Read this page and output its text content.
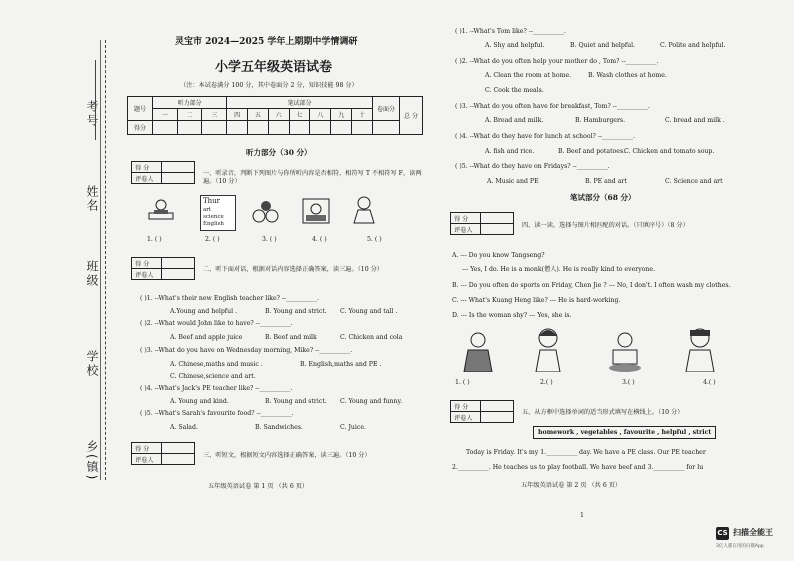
考号
姓名
班级
学校
乡(镇)
灵宝市 2024—2025 学年上期期中学情调研
小学五年级英语试卷
（注：本试卷满分 100 分，其中卷面分 2 分，知识技能 98 分）
题号	听力部分			笔试部分							卷面分	总 分
	一	二	三	四	五	六	七	八	九	十		
得分												
听力部分（30 分）
得 分	
评卷人	
一、听录音，判断下列图片与你所听内容是否相符，相符写 T 不相符写 F，读两遍。（10 分）
Thur
art
science
English
1. ( )	2. ( )	3. ( )	4. ( )	5. ( )
得 分	
评卷人	
二、听下面对话，根据对话内容选择正确答案，读三遍。（10 分）
( )1. --What's their new English teacher like? --__________.
A.Young and helpful .	B. Young and strict. C. Young and tall .
( )2. --What would John like to have? --__________.
A. Beef and apple juice	B. Beef and milk	C. Chicken and cola
( )3. --What do you have on Wednesday morning, Mike? --__________.
A. Chinese,maths and music .	B. English,maths and PE .
C. Chinese,science and art.
( )4. --What's Jack's PE teacher like? --__________.
A. Young and kind.	B. Young and strict. C. Young and funny.
( )5. --What's Sarah's favourite food? --__________.
A. Salad.	B. Sandwiches.	C. Juice.
得 分	
评卷人	
三、听短文，根据短文内容选择正确答案，读三遍。（10 分）
五年级英语试卷 第 1 页 （共 6 页）
( )1. --What's Tom like? --__________.
A. Shy and helpful.	B. Quiet and helpful.	C. Polite and helpful.
( )2. --What do you often help your mother do , Tom? --__________.
A. Clean the room at home.	B. Wash clothes at home.
C. Cook the meals.
( )3. --What do you often have for breakfast, Tom? --__________.
A. Bread and milk.	B. Hamburgers.	C. bread and milk .
( )4. --What do they have for lunch at school? --__________.
A. fish and rice.	B. Beef and potatoes.
C. Chicken and tomato soup.
( )5. --What do they have on Fridays? --__________.
A. Music and PE	B. PE and art	C. Science and art
笔试部分（68 分）
得 分	
评卷人	
四、读一读，选择与图片相匹配的对话。（只填序号）（8 分）
A. --- Do you know Tangseng?
--- Yes, I do. He is a monk(僧人). He is really kind to everyone.
B. --- Do you often do sports on Friday, Chen Jie ? --- No, I don't. I often wash my clothes.
C. --- What's Kuang Heng like? --- He is hard-working.
D. --- Is the woman shy? --- Yes, she is.
1. ( )	2.( )	3.( )	4.( )
得 分	
评卷人	
五、从方框中选择单词的适当形式填写在横线上。（10 分）
homework , vegetables , favourite , helpful , strict
Today is Friday. It's my 1.__________ day. We have a PE class. Our PE teacher
2.__________. He teaches us to play football. We have beef and 3.__________ for lu
五年级英语试卷 第 2 页 （共 6 页）
1
CS 扫描全能王
3亿人都在用的扫描App
